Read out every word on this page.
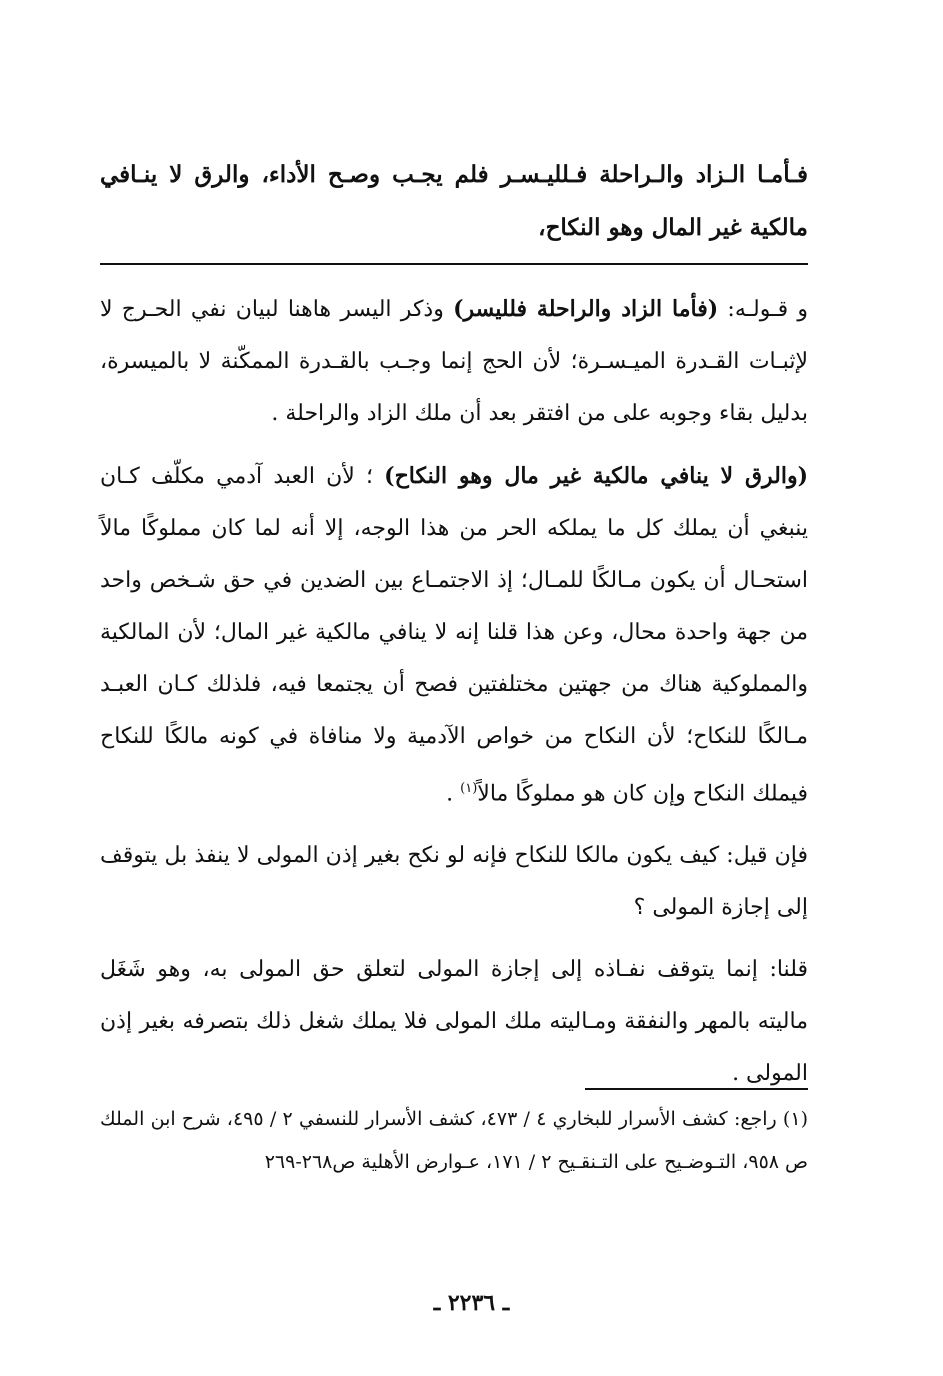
فـأمـا الـزاد والـراحلة فـلليـسـر فلم يجـب وصـح الأداء، والرق لا ينـافي مالكية غير المال وهو النكاح،

و قـولـه: (فأما الزاد والراحلة فلليسر) وذكر اليسر هاهنا لبيان نفي الحـرج لا لإثبـات القـدرة الميـسـرة؛ لأن الحج إنما وجـب بالقـدرة الممكّنة لا بالميسرة، بدليل بقاء وجوبه على من افتقر بعد أن ملك الزاد والراحلة .

(والرق لا ينافي مالكية غير مال وهو النكاح) ؛ لأن العبد آدمي مكلّف كـان ينبغي أن يملك كل ما يملكه الحر من هذا الوجه، إلا أنه لما كان مملوكًا مالاً استحـال أن يكون مـالكًا للمـال؛ إذ الاجتمـاع بين الضدين في حق شـخص واحد من جهة واحدة محال، وعن هذا قلنا إنه لا ينافي مالكية غير المال؛ لأن المالكية والمملوكية هناك من جهتين مختلفتين فصح أن يجتمعا فيه، فلذلك كـان العبـد مـالكًا للنكاح؛ لأن النكاح من خواص الآدمية ولا منافاة في كونه مالكًا للنكاح فيملك النكاح وإن كان هو مملوكًا مالاً$^{(١)}$ .

فإن قيل: كيف يكون مالكا للنكاح فإنه لو نكح بغير إذن المولى لا ينفذ بل يتوقف إلى إجازة المولى ؟

قلنا: إنما يتوقف نفـاذه إلى إجازة المولى لتعلق حق المولى به، وهو شَغَل ماليته بالمهر والنفقة ومـاليته ملك المولى فلا يملك شغل ذلك بتصرفه بغير إذن المولى .

(١) راجع: كشف الأسرار للبخاري ٤ / ٤٧٣، كشف الأسرار للنسفي ٢ / ٤٩٥، شرح ابن الملك ص ٩٥٨، التـوضـيح على التـنقـيح ٢ / ١٧١، عـوارض الأهلية ص٢٦٨-٢٦٩

ـ ٢٢٣٦ ـ
